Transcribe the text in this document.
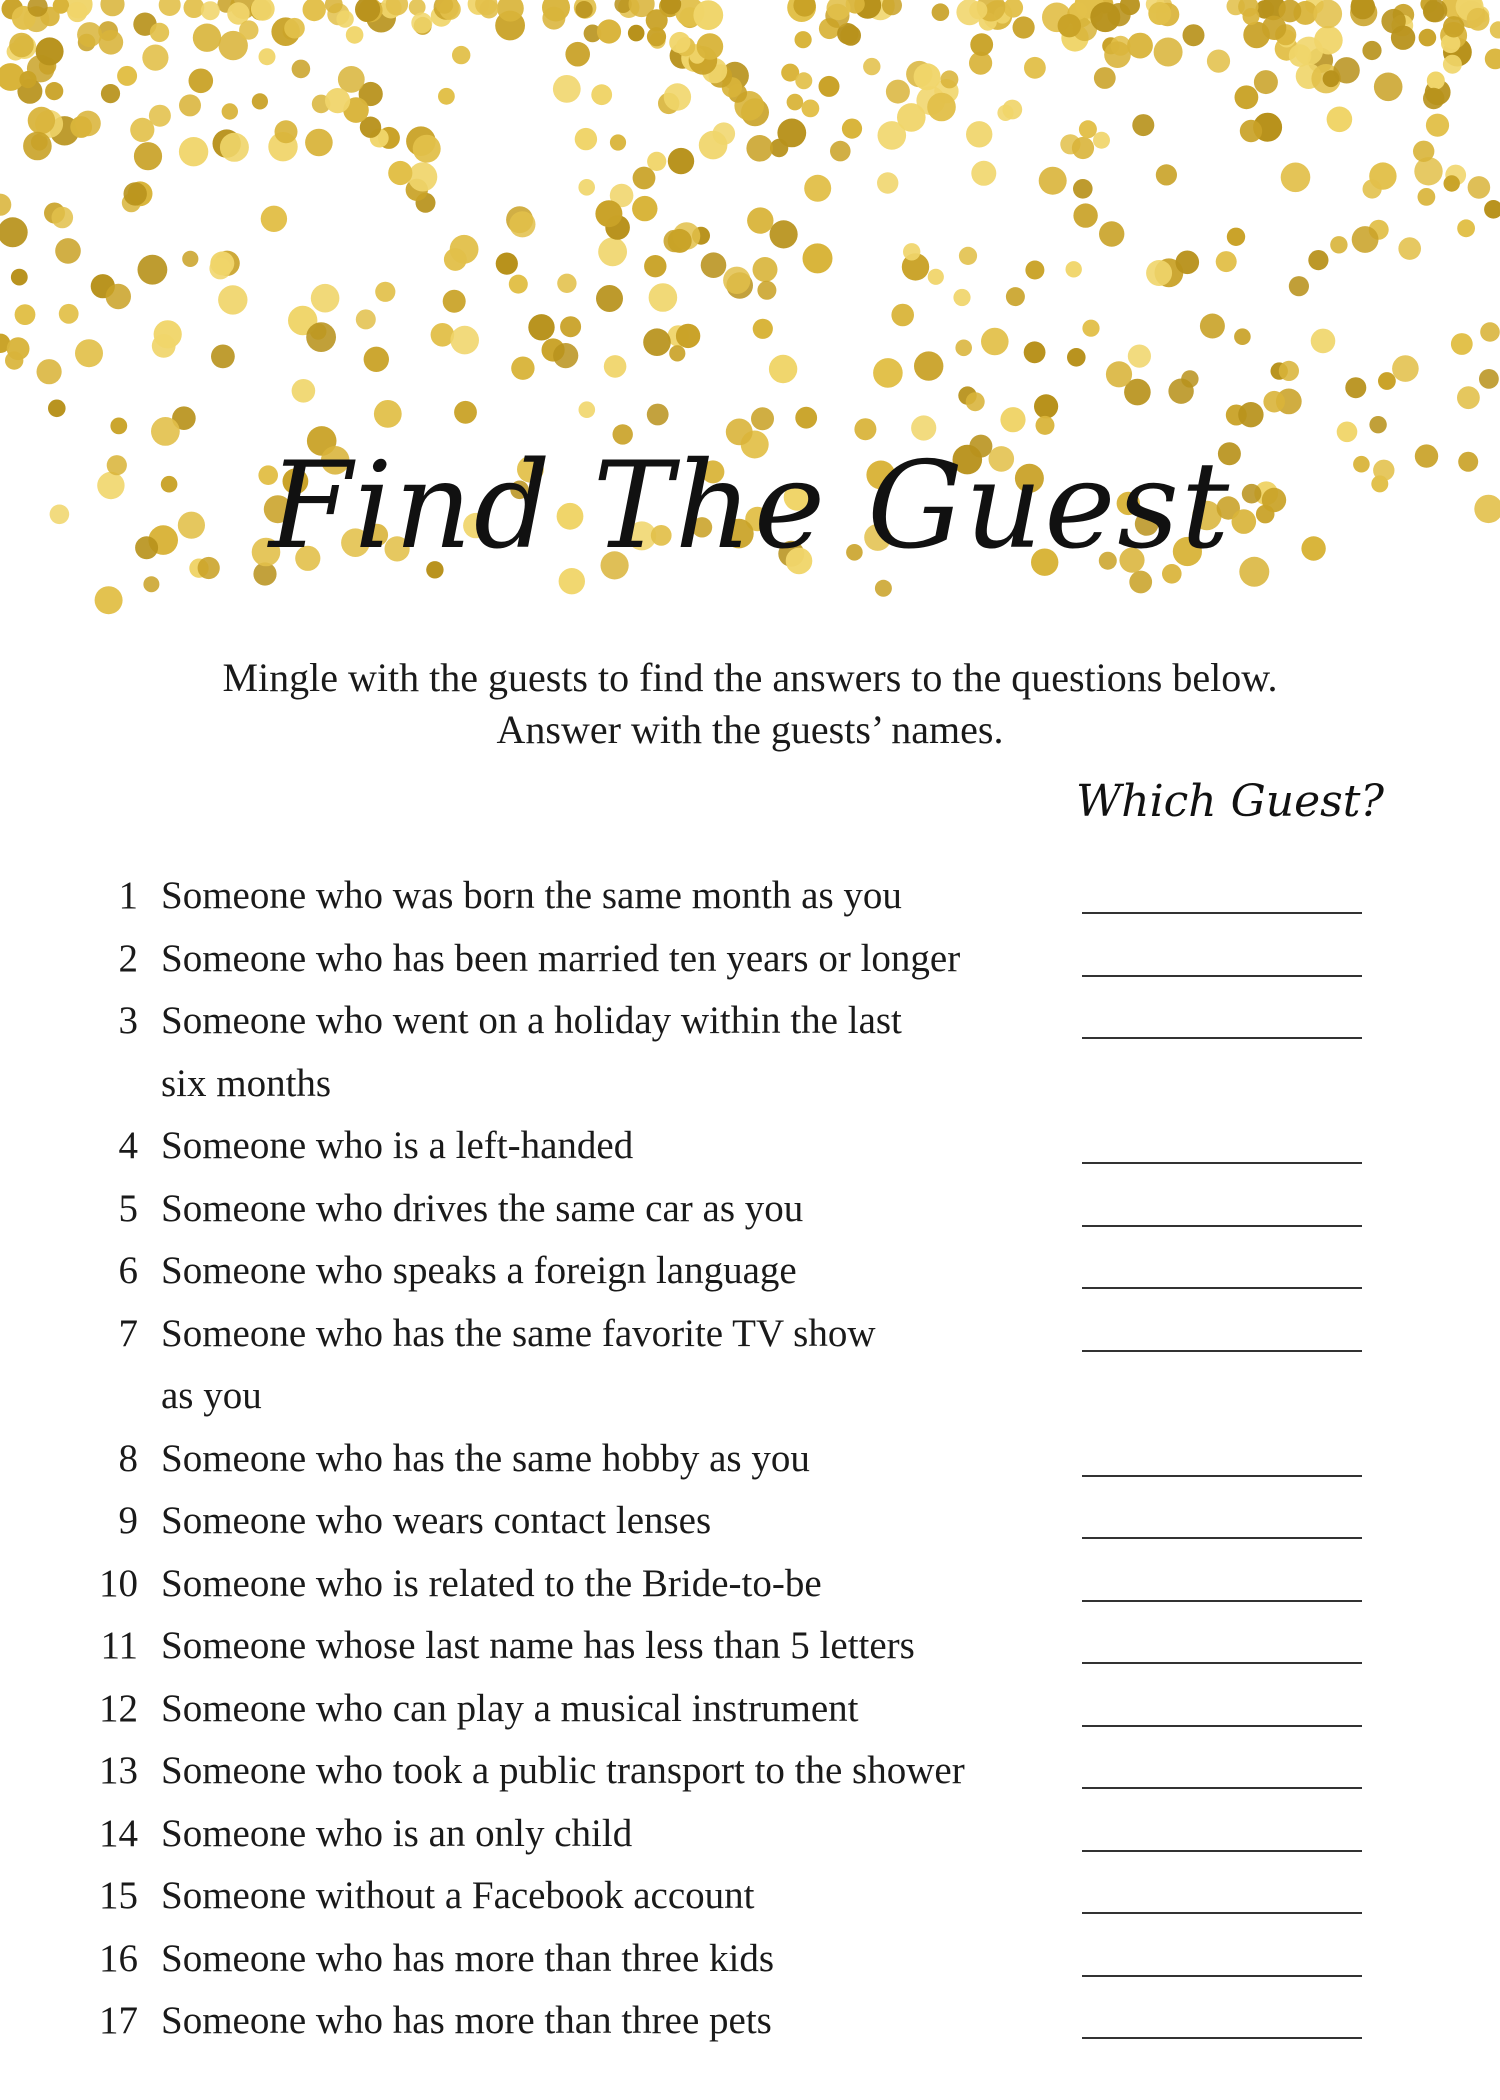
Find The Guest
Mingle with the guests to find the answers to the questions below.
Answer with the guests’ names.
Which Guest?
1 Someone who was born the same month as you
2 Someone who has been married ten years or longer
3 Someone who went on a holiday within the last
six months
4 Someone who is a left-handed
5 Someone who drives the same car as you
6 Someone who speaks a foreign language
7 Someone who has the same favorite TV show
as you
8 Someone who has the same hobby as you
9 Someone who wears contact lenses
10 Someone who is related to the Bride-to-be
11 Someone whose last name has less than 5 letters
12 Someone who can play a musical instrument
13 Someone who took a public transport to the shower
14 Someone who is an only child
15 Someone without a Facebook account
16 Someone who has more than three kids
17 Someone who has more than three pets
